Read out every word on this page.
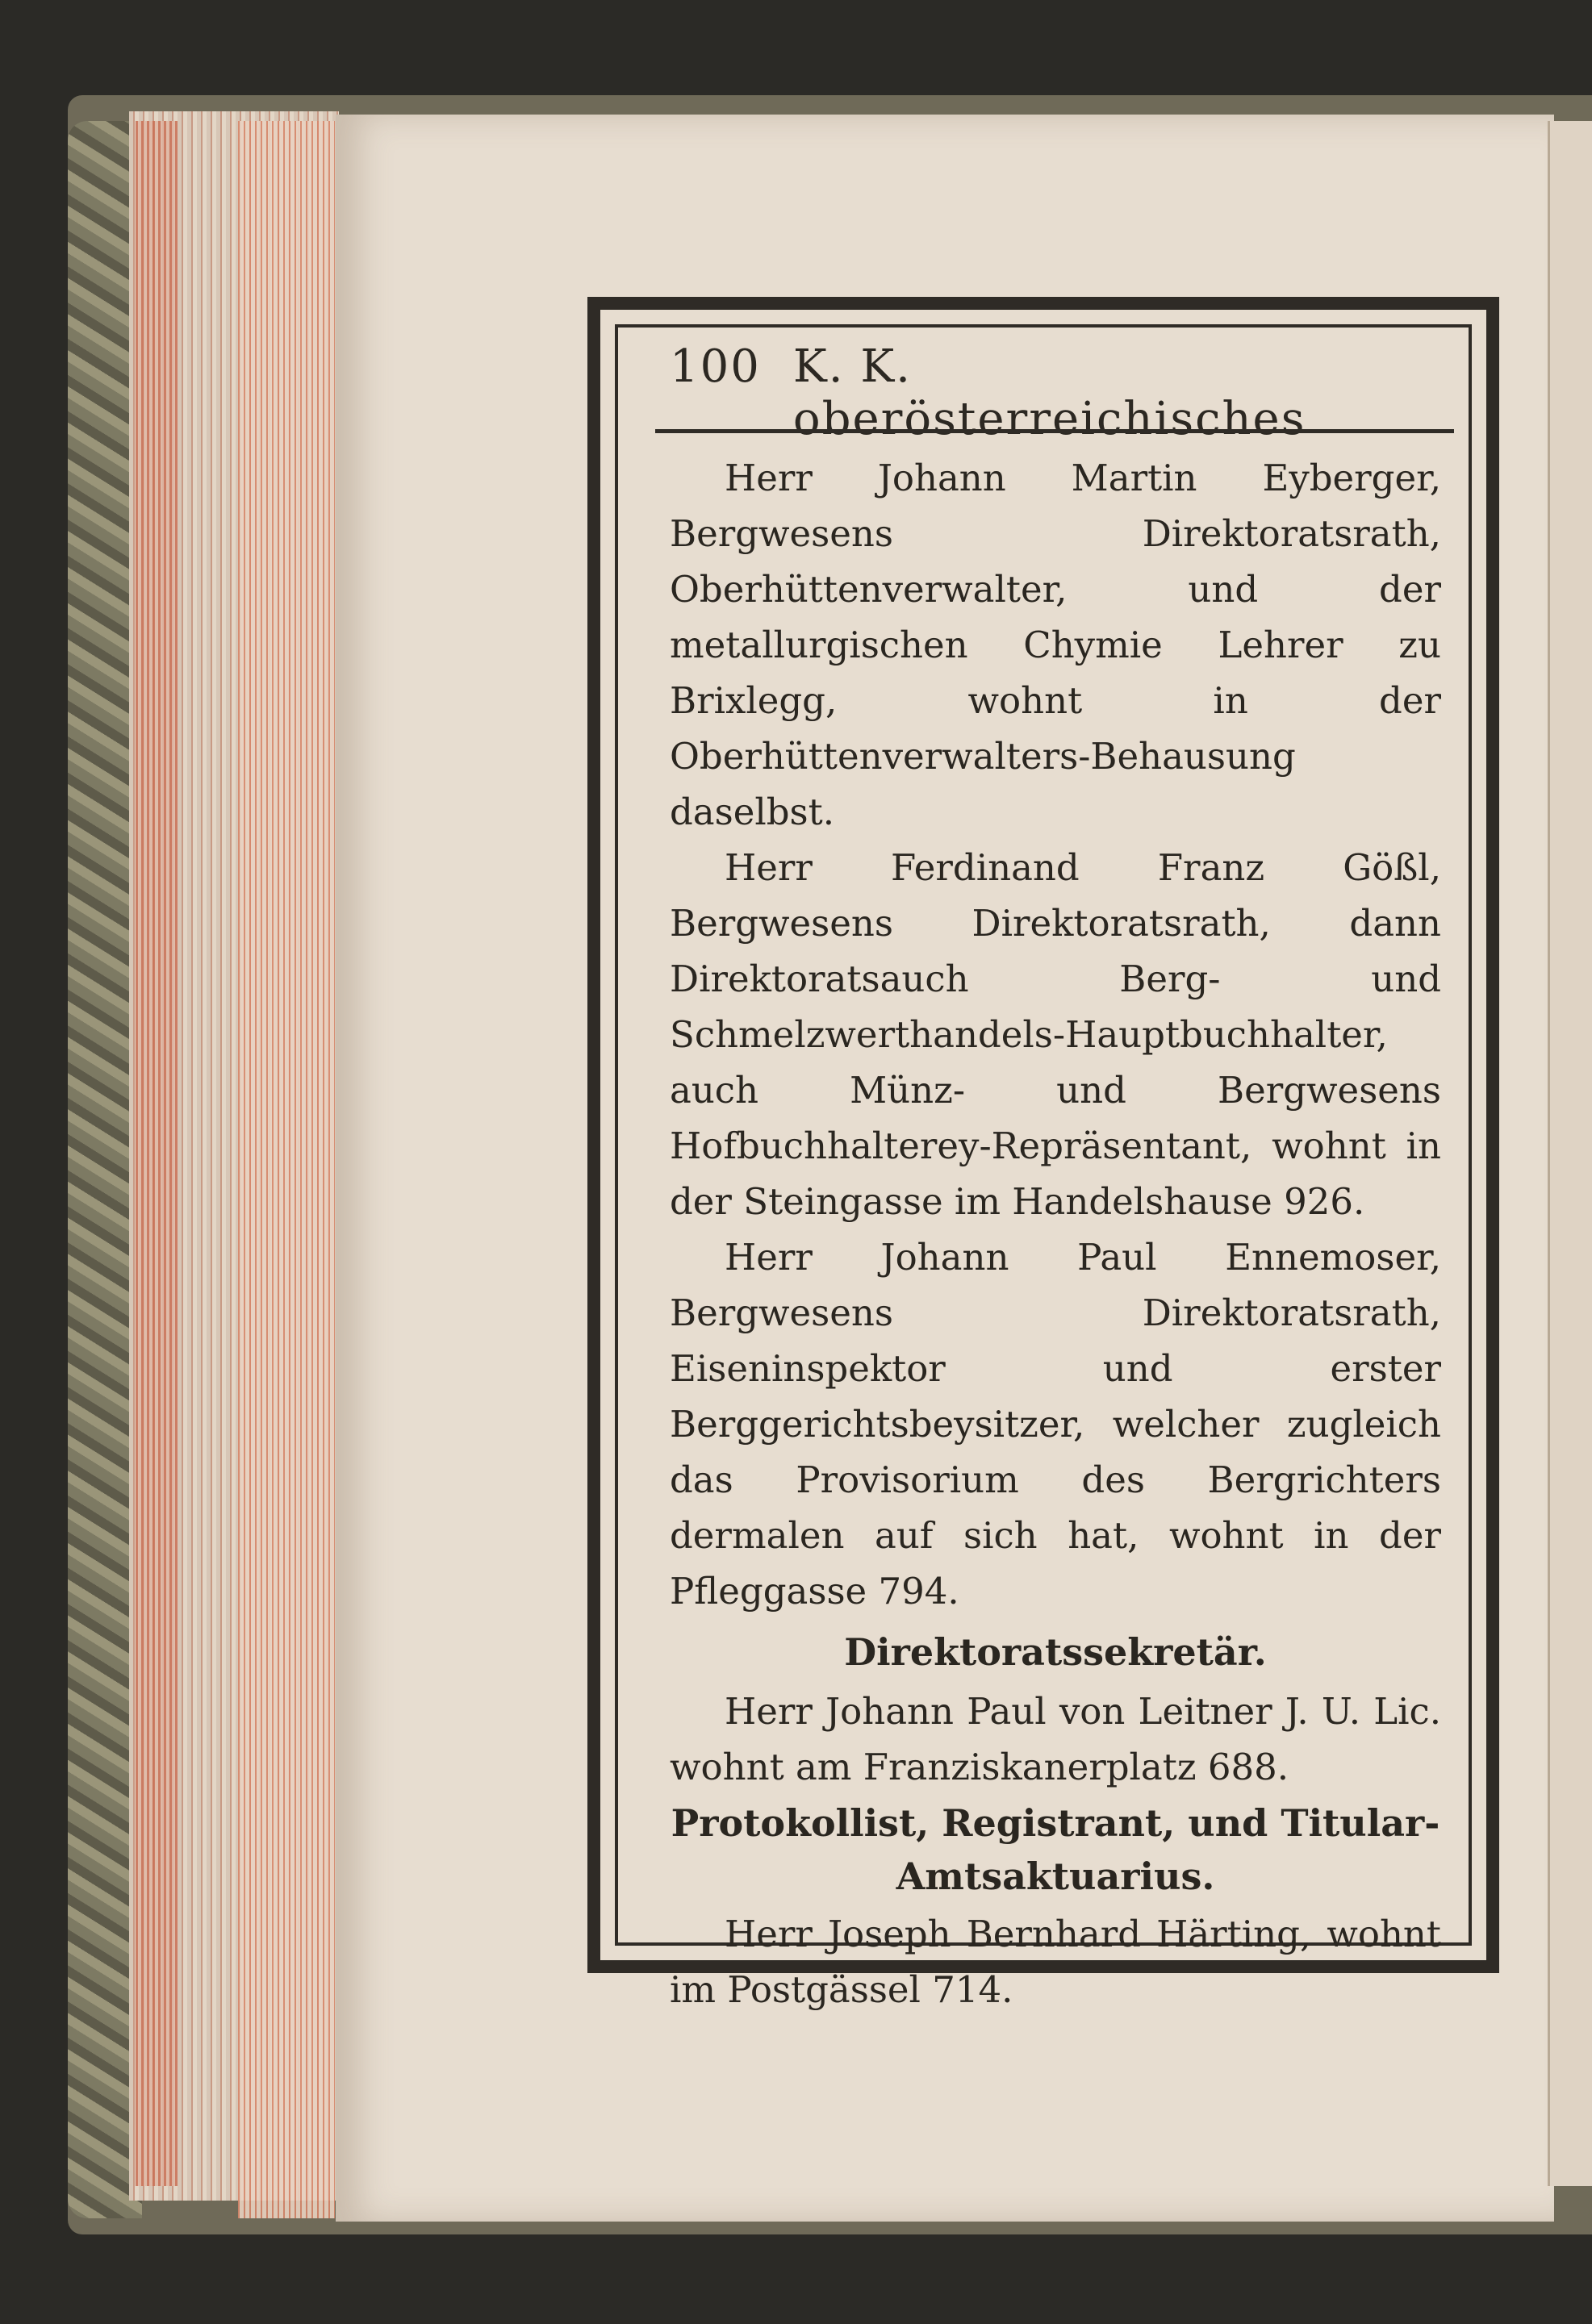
100 K. K. oberösterreichisches

Herr Johann Martin Eyberger, Bergwesens Direktoratsrath, Oberhüttenverwalter, und der metallurgischen Chymie Lehrer zu Brixlegg, wohnt in der Oberhüttenverwalters-Behausung daselbst.

Herr Ferdinand Franz Gößl, Bergwesens Direktoratsrath, dann Direktoratsauch Berg- und Schmelzwerthandels-Hauptbuchhalter, auch Münz- und Bergwesens Hofbuchhalterey-Repräsentant, wohnt in der Steingasse im Handelshause 926.

Herr Johann Paul Ennemoser, Bergwesens Direktoratsrath, Eiseninspektor und erster Berggerichtsbeysitzer, welcher zugleich das Provisorium des Bergrichters dermalen auf sich hat, wohnt in der Pfleggasse 794.

Direktoratssekretär.

Herr Johann Paul von Leitner J. U. Lic. wohnt am Franziskanerplatz 688.

Protokollist, Registrant, und Titular-
Amtsaktuarius.

Herr Joseph Bernhard Härting, wohnt im Postgässel 714.
